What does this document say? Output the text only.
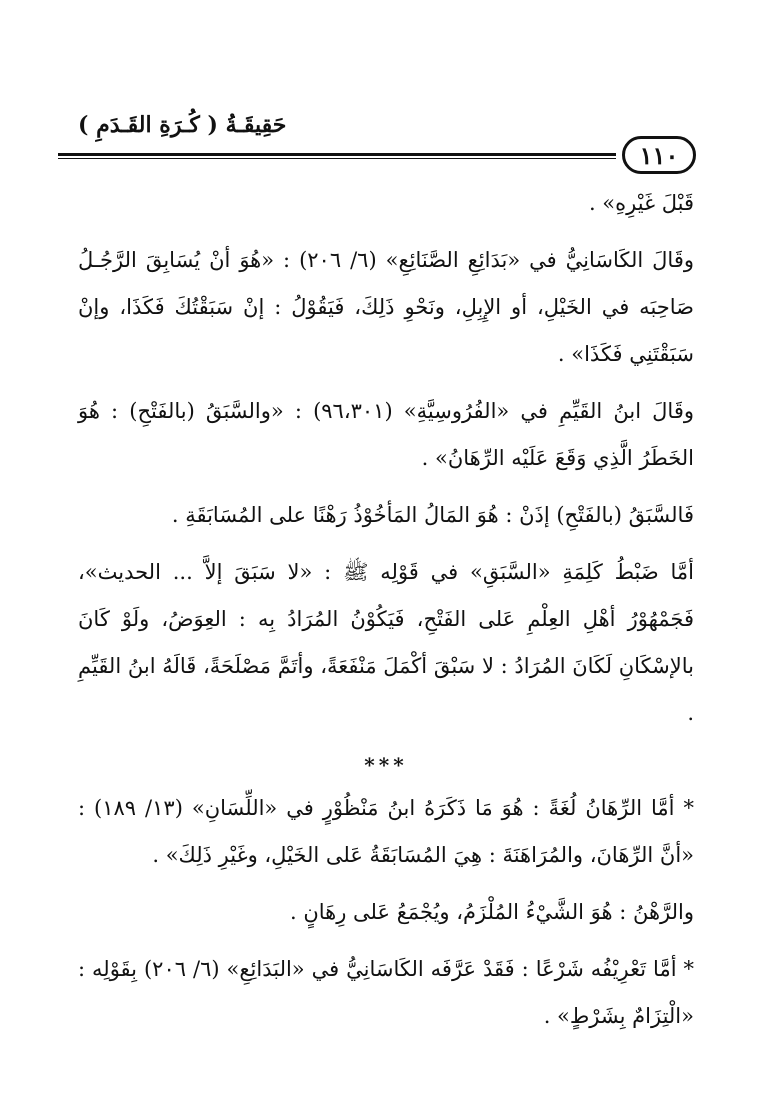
حَقِيقَـةُ ( كُـرَةِ القَـدَمِ )
١١٠

قَبْلَ غَيْرِهِ» .

وقَالَ الكَاسَانِيُّ في «بَدَائِعِ الصَّنَائِعِ» (٦/ ٢٠٦) : «هُوَ أنْ يُسَابِقَ الرَّجُـلُ صَاحِبَه في الخَيْلِ، أو الإِبِلِ، ونَحْوِ ذَلِكَ، فَيَقُوْلُ : إنْ سَبَقْتُكَ فَكَذَا، وإنْ سَبَقْتَنِي فَكَذَا» .

وقَالَ ابنُ القَيِّمِ في «الفُرُوسِيَّةِ» (٩٦،٣٠١) : «والسَّبَقُ (بالفَتْحِ) : هُوَ الخَطَرُ الَّذِي وَقَعَ عَلَيْه الرِّهَانُ» .

فَالسَّبَقُ (بالفَتْحِ) إذَنْ : هُوَ المَالُ المَأخُوْذُ رَهْنًا على المُسَابَقَةِ .

أمَّا ضَبْطُ كَلِمَةِ «السَّبَقِ» في قَوْلِه ﷺ : «لا سَبَقَ إلاَّ ... الحديث»، فَجَمْهُوْرُ أهْلِ العِلْمِ عَلى الفَتْحِ، فَيَكُوْنُ المُرَادُ بِه : العِوَضُ، ولَوْ كَانَ بالإسْكَانِ لَكَانَ المُرَادُ : لا سَبْقَ أكْمَلَ مَنْفَعَةً، وأتَمَّ مَصْلَحَةً، قَالَهُ ابنُ القَيِّمِ .

***

* أمَّا الرِّهَانُ لُغَةً : هُوَ مَا ذَكَرَهُ ابنُ مَنْظُوْرٍ في «اللِّسَانِ» (١٣/ ١٨٩) : «أنَّ الرِّهَانَ، والمُرَاهَنَةَ : هِيَ المُسَابَقَةُ عَلى الخَيْلِ، وغَيْرِ ذَلِكَ» .

والرَّهْنُ : هُوَ الشَّيْءُ المُلْزَمُ، ويُجْمَعُ عَلى رِهَانٍ .

* أمَّا تَعْرِيْفُه شَرْعًا : فَقَدْ عَرَّفَه الكَاسَانِيُّ في «البَدَائِعِ» (٦/ ٢٠٦) بِقَوْلِه : «الْتِزَامٌ بِشَرْطٍ» .
